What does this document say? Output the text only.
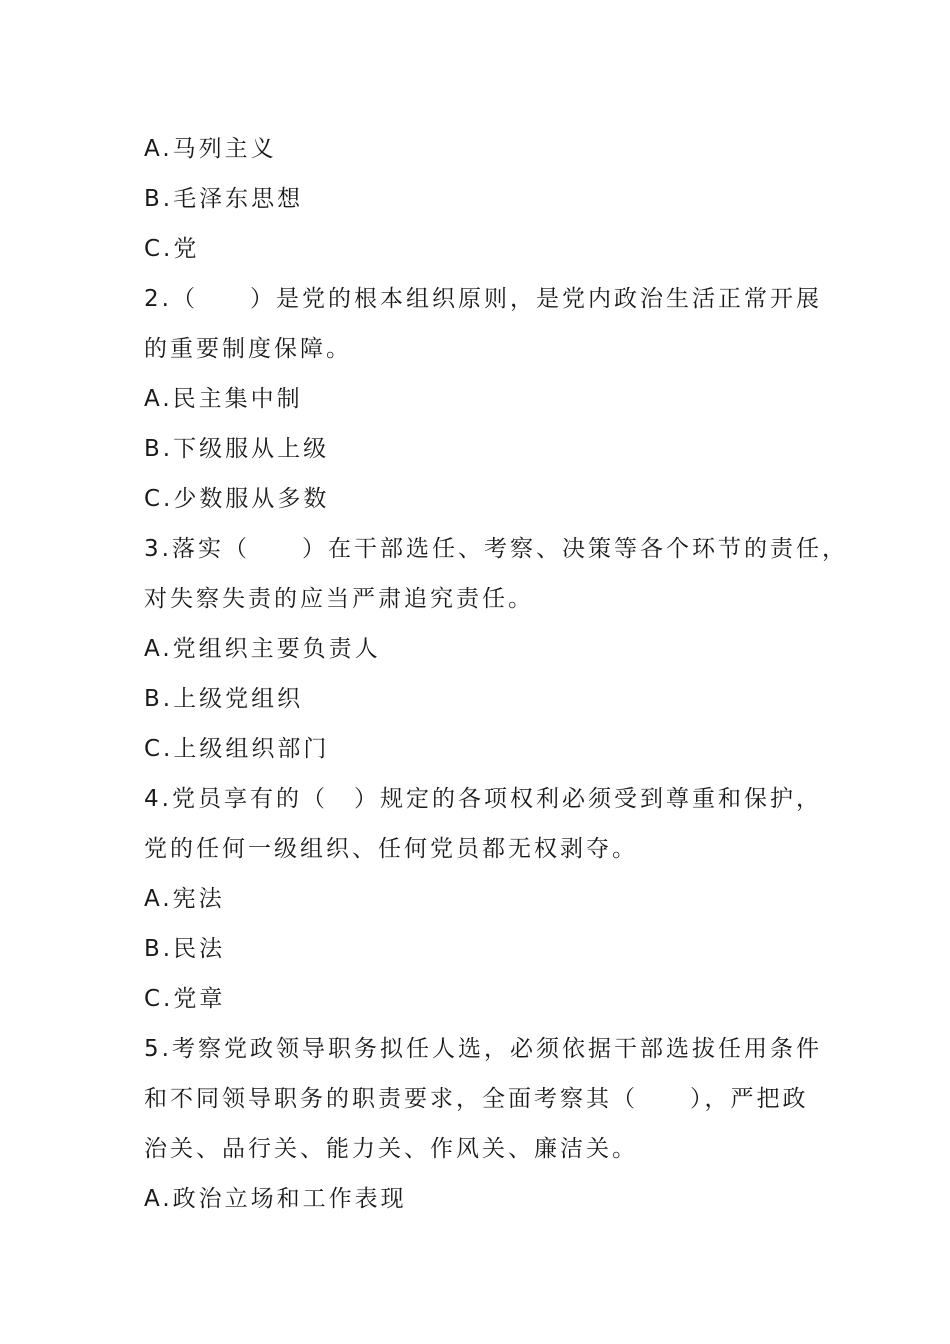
A.马列主义
B.毛泽东思想
C.党
2.（　　）是党的根本组织原则，是党内政治生活正常开展
的重要制度保障。
A.民主集中制
B.下级服从上级
C.少数服从多数
3.落实（　　）在干部选任、考察、决策等各个环节的责任，
对失察失责的应当严肃追究责任。
A.党组织主要负责人
B.上级党组织
C.上级组织部门
4.党员享有的（　）规定的各项权利必须受到尊重和保护，
党的任何一级组织、任何党员都无权剥夺。
A.宪法
B.民法
C.党章
5.考察党政领导职务拟任人选，必须依据干部选拔任用条件
和不同领导职务的职责要求，全面考察其（　　），严把政
治关、品行关、能力关、作风关、廉洁关。
A.政治立场和工作表现
